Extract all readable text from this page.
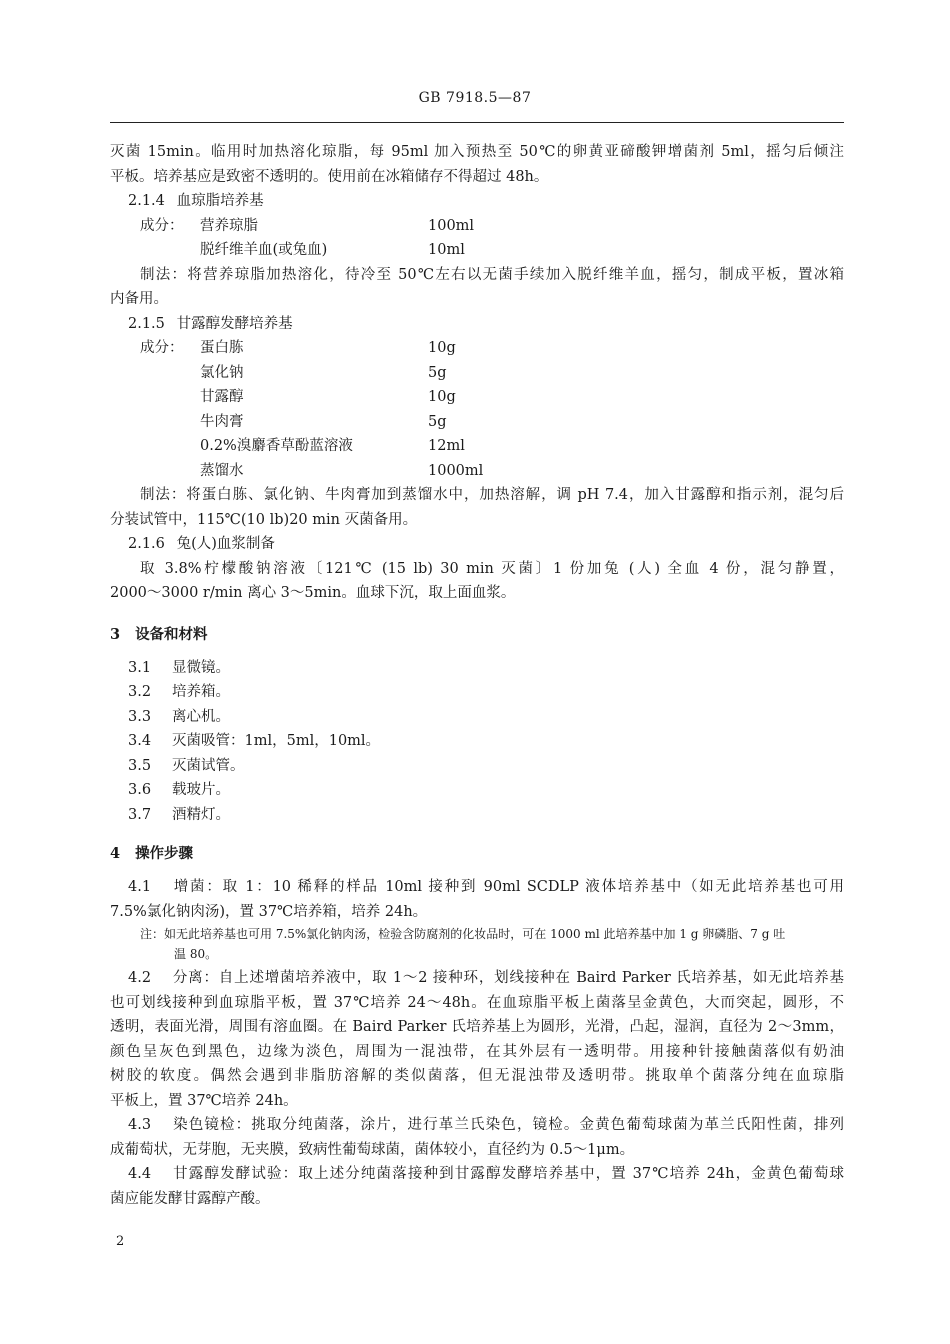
GB 7918.5—87
灭菌 15min。临用时加热溶化琼脂，每 95ml 加入预热至 50℃的卵黄亚碲酸钾增菌剂 5ml，摇匀后倾注
平板。培养基应是致密不透明的。使用前在冰箱储存不得超过 48h。
2.1.4 血琼脂培养基
成分：	营养琼脂	100ml
脱纤维羊血(或兔血)	10ml
制法：将营养琼脂加热溶化，待冷至 50℃左右以无菌手续加入脱纤维羊血，摇匀，制成平板，置冰箱
内备用。
2.1.5 甘露醇发酵培养基
成分：	蛋白胨	10g
氯化钠	5g
甘露醇	10g
牛肉膏	5g
0.2%溴麝香草酚蓝溶液	12ml
蒸馏水	1000ml
制法：将蛋白胨、氯化钠、牛肉膏加到蒸馏水中，加热溶解，调 pH 7.4，加入甘露醇和指示剂，混匀后
分装试管中，115℃(10 lb)20 min 灭菌备用。
2.1.6 兔(人)血浆制备
取 3.8%柠檬酸钠溶液〔121℃ (15 lb) 30 min 灭菌〕1 份加兔 (人) 全血 4 份，混匀静置，
2000～3000 r/min 离心 3～5min。血球下沉，取上面血浆。
3 设备和材料
3.1 显微镜。
3.2 培养箱。
3.3 离心机。
3.4 灭菌吸管：1ml，5ml，10ml。
3.5 灭菌试管。
3.6 载玻片。
3.7 酒精灯。
4 操作步骤
4.1 增菌：取 1：10 稀释的样品 10ml 接种到 90ml SCDLP 液体培养基中（如无此培养基也可用
7.5%氯化钠肉汤)，置 37℃培养箱，培养 24h。
注：如无此培养基也可用 7.5%氯化钠肉汤，检验含防腐剂的化妆品时，可在 1000 ml 此培养基中加 1 g 卵磷脂、7 g 吐
温 80。
4.2 分离：自上述增菌培养液中，取 1～2 接种环，划线接种在 Baird Parker 氏培养基，如无此培养基
也可划线接种到血琼脂平板，置 37℃培养 24～48h。在血琼脂平板上菌落呈金黄色，大而突起，圆形，不
透明，表面光滑，周围有溶血圈。在 Baird Parker 氏培养基上为圆形，光滑，凸起，湿润，直径为 2～3mm，
颜色呈灰色到黑色，边缘为淡色，周围为一混浊带，在其外层有一透明带。用接种针接触菌落似有奶油
树胶的软度。偶然会遇到非脂肪溶解的类似菌落，但无混浊带及透明带。挑取单个菌落分纯在血琼脂
平板上，置 37℃培养 24h。
4.3 染色镜检：挑取分纯菌落，涂片，进行革兰氏染色，镜检。金黄色葡萄球菌为革兰氏阳性菌，排列
成葡萄状，无芽胞，无夹膜，致病性葡萄球菌，菌体较小，直径约为 0.5～1μm。
4.4 甘露醇发酵试验：取上述分纯菌落接种到甘露醇发酵培养基中，置 37℃培养 24h，金黄色葡萄球
菌应能发酵甘露醇产酸。
2
